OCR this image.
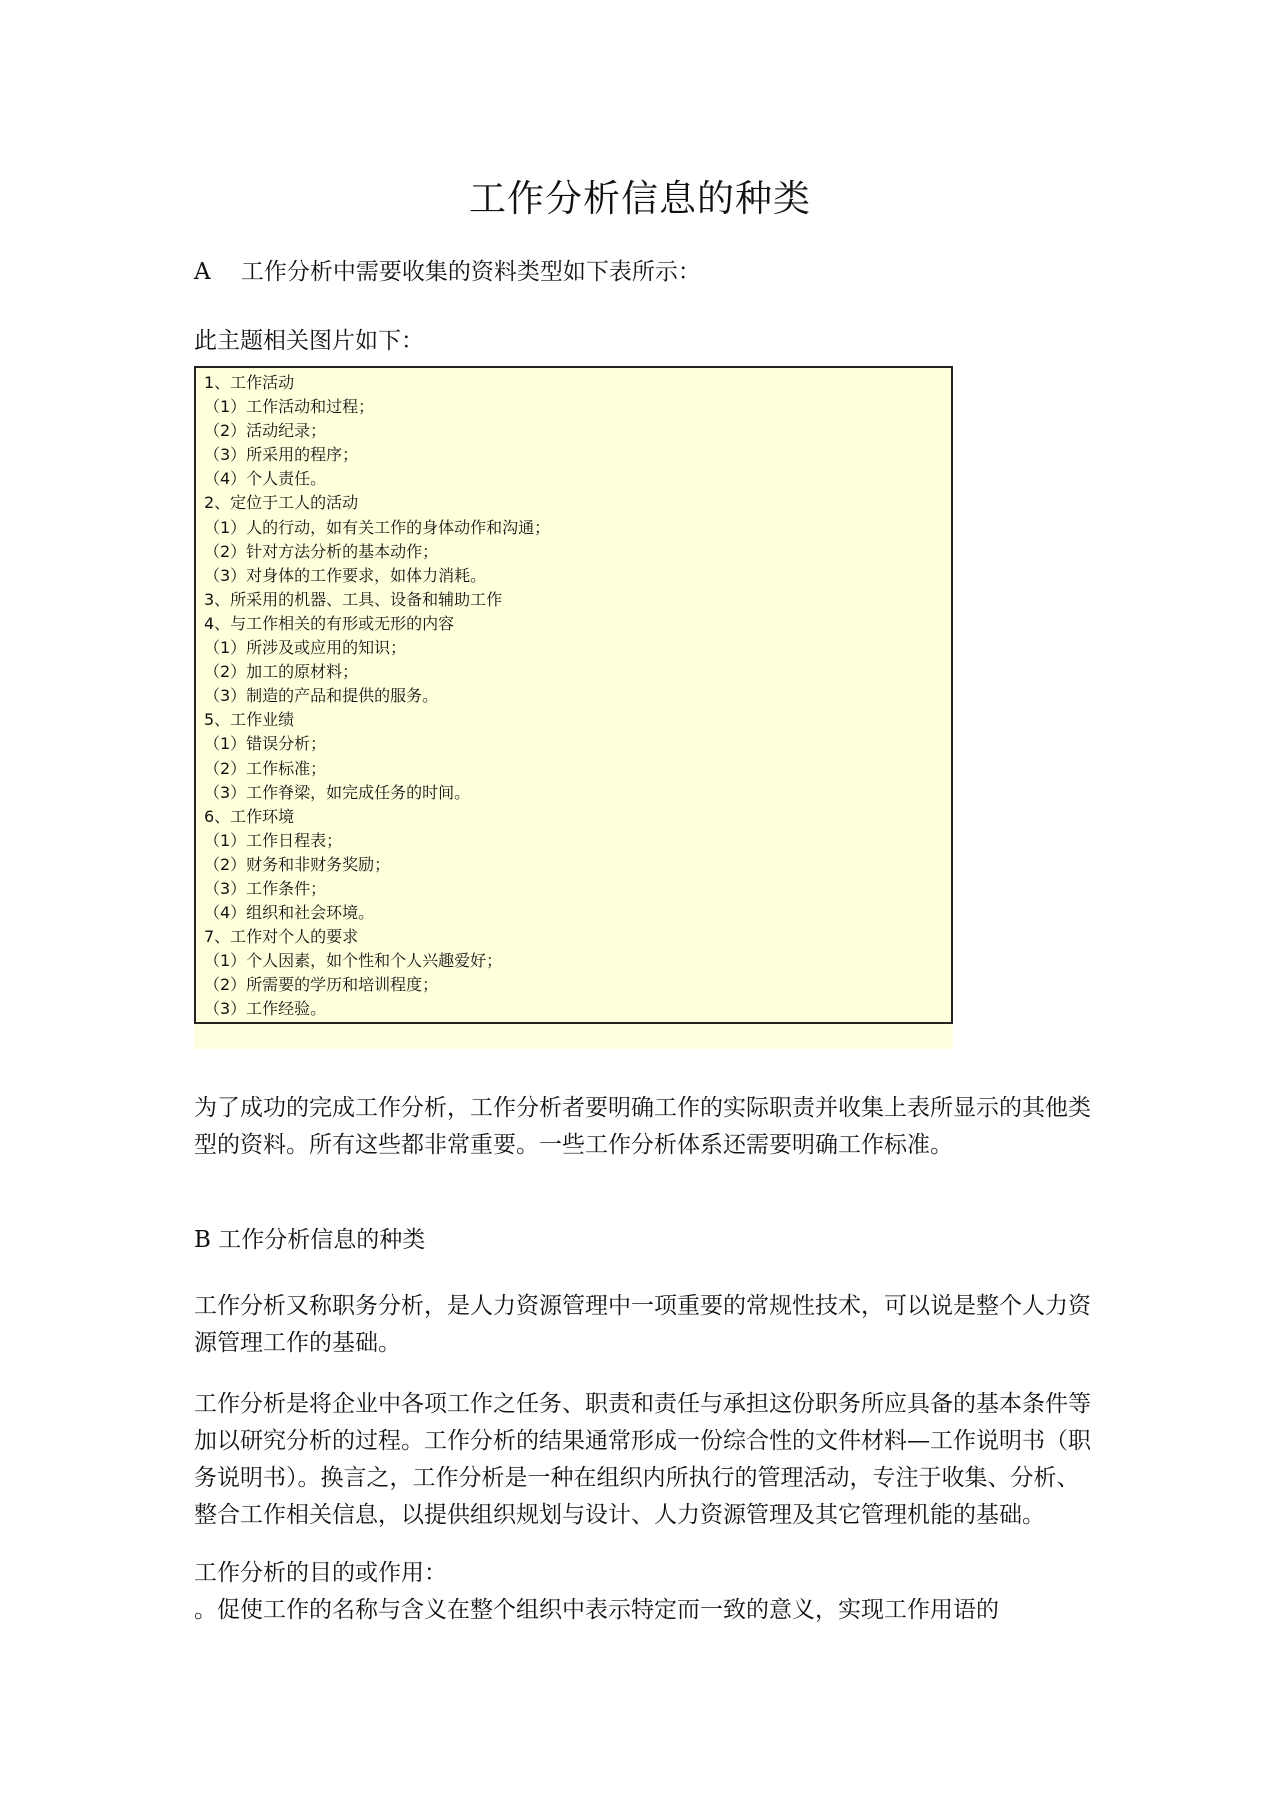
工作分析信息的种类

A　 工作分析中需要收集的资料类型如下表所示：

此主题相关图片如下：

1、工作活动
（1）工作活动和过程；
（2）活动纪录；
（3）所采用的程序；
（4）个人责任。
2、定位于工人的活动
（1）人的行动，如有关工作的身体动作和沟通；
（2）针对方法分析的基本动作；
（3）对身体的工作要求，如体力消耗。
3、所采用的机器、工具、设备和辅助工作
4、与工作相关的有形或无形的内容
（1）所涉及或应用的知识；
（2）加工的原材料；
（3）制造的产品和提供的服务。
5、工作业绩
（1）错误分析；
（2）工作标准；
（3）工作脊梁，如完成任务的时间。
6、工作环境
（1）工作日程表；
（2）财务和非财务奖励；
（3）工作条件；
（4）组织和社会环境。
7、工作对个人的要求
（1）个人因素，如个性和个人兴趣爱好；
（2）所需要的学历和培训程度；
（3）工作经验。

为了成功的完成工作分析，工作分析者要明确工作的实际职责并收集上表所显示的其他类型的资料。所有这些都非常重要。一些工作分析体系还需要明确工作标准。

B 工作分析信息的种类

工作分析又称职务分析，是人力资源管理中一项重要的常规性技术，可以说是整个人力资源管理工作的基础。

工作分析是将企业中各项工作之任务、职责和责任与承担这份职务所应具备的基本条件等加以研究分析的过程。工作分析的结果通常形成一份综合性的文件材料—工作说明书（职务说明书）。换言之，工作分析是一种在组织内所执行的管理活动，专注于收集、分析、整合工作相关信息，以提供组织规划与设计、人力资源管理及其它管理机能的基础。

工作分析的目的或作用：

。促使工作的名称与含义在整个组织中表示特定而一致的意义，实现工作用语的
